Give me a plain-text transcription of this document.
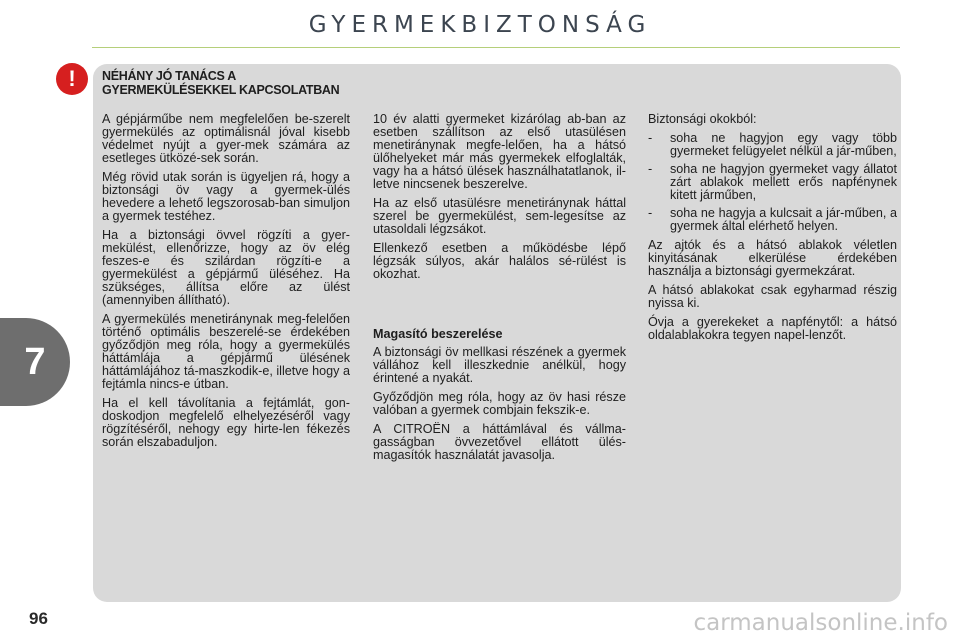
GYERMEKBIZTONSÁG
7
96
!	NÉHÁNY JÓ TANÁCS A
GYERMEKÜLÉSEKKEL KAPCSOLATBAN

A gépjárműbe nem megfelelően be-szerelt gyermekülés az optimálisnál jóval kisebb védelmet nyújt a gyer-mek számára az esetleges ütközé-sek során.

Még rövid utak során is ügyeljen rá, hogy a biztonsági öv vagy a gyermek-ülés hevedere a lehető legszorosab-ban simuljon a gyermek testéhez.

Ha a biztonsági övvel rögzíti a gyer-mekülést, ellenőrizze, hogy az öv elég feszes-e és szilárdan rögzíti-e a gyermekülést a gépjármű üléséhez. Ha szükséges, állítsa előre az ülést (amennyiben állítható).

A gyermekülés menetiránynak meg-felelően történő optimális beszerelé-se érdekében győződjön meg róla, hogy a gyermekülés háttámlája a gépjármű ülésének háttámlájához tá-maszkodik-e, illetve hogy a fejtámla nincs-e útban.

Ha el kell távolítania a fejtámlát, gon-doskodjon megfelelő elhelyezéséről vagy rögzítéséről, nehogy egy hirte-len fékezés során elszabaduljon.

10 év alatti gyermeket kizárólag ab-ban az esetben szállítson az első utasülésen menetiránynak megfe-lelően, ha a hátsó ülőhelyeket már más gyermekek elfoglalták, vagy ha a hátsó ülések használhatatlanok, il-letve nincsenek beszerelve.

Ha az első utasülésre menetiránynak háttal szerel be gyermekülést, sem-legesítse az utasoldali légzsákot.

Ellenkező esetben a működésbe lépő légzsák súlyos, akár halálos sé-rülést is okozhat.

Magasító beszerelése

A biztonsági öv mellkasi részének a gyermek vállához kell illeszkednie anélkül, hogy érintené a nyakát.

Győződjön meg róla, hogy az öv hasi része valóban a gyermek combjain fekszik-e.

A CITROËN a háttámlával és vállma-gasságban övvezetővel ellátott ülés-magasítók használatát javasolja.

Biztonsági okokból:

- soha ne hagyjon egy vagy több gyermeket felügyelet nélkül a jár-műben,
- soha ne hagyjon gyermeket vagy állatot zárt ablakok mellett erős napfénynek kitett járműben,
- soha ne hagyja a kulcsait a jár-műben, a gyermek által elérhető helyen.

Az ajtók és a hátsó ablakok véletlen kinyitásának elkerülése érdekében használja a biztonsági gyermekzárat.

A hátsó ablakokat csak egyharmad részig nyissa ki.

Óvja a gyerekeket a napfénytől: a hátsó oldalablakokra tegyen napel-lenzőt.

carmanualsonline.info
